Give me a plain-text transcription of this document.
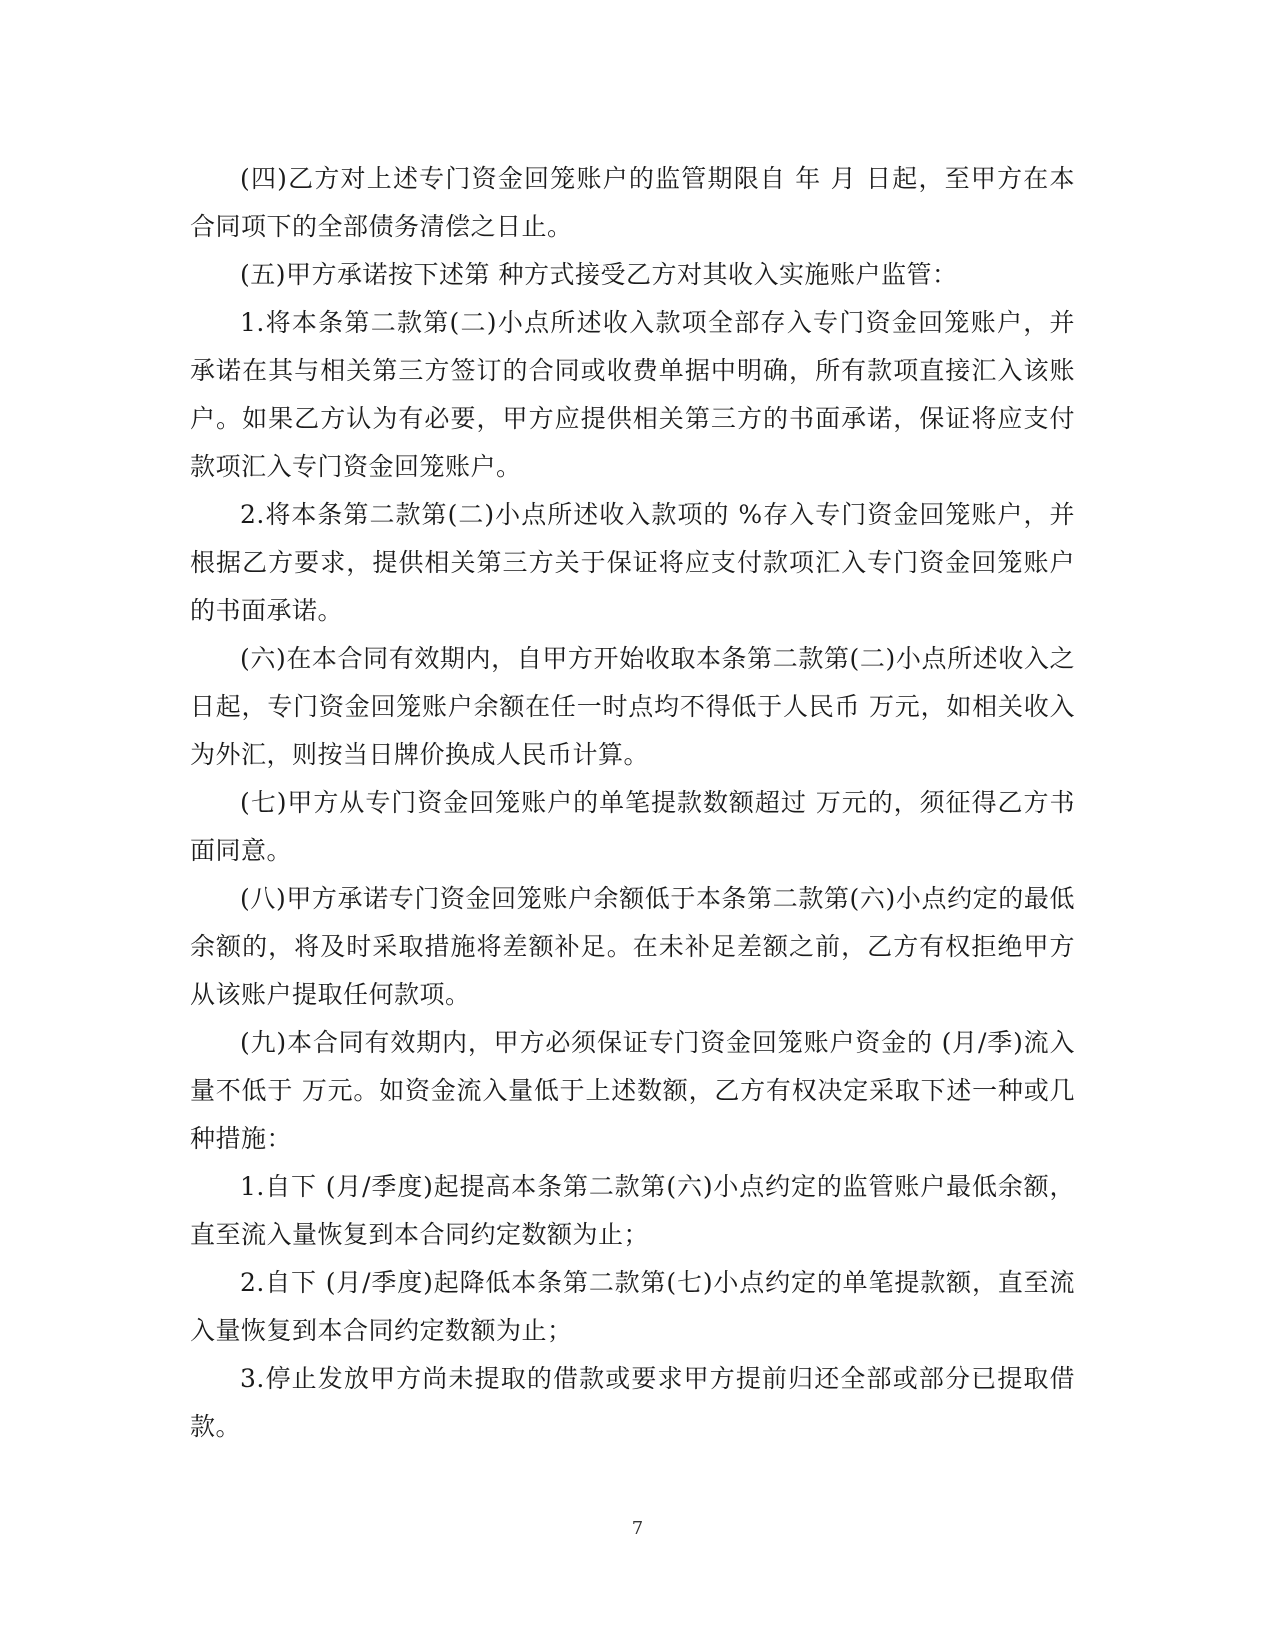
(四)乙方对上述专门资金回笼账户的监管期限自 年 月 日起，至甲方在本合同项下的全部债务清偿之日止。

(五)甲方承诺按下述第 种方式接受乙方对其收入实施账户监管：

1.将本条第二款第(二)小点所述收入款项全部存入专门资金回笼账户，并承诺在其与相关第三方签订的合同或收费单据中明确，所有款项直接汇入该账户。如果乙方认为有必要，甲方应提供相关第三方的书面承诺，保证将应支付款项汇入专门资金回笼账户。

2.将本条第二款第(二)小点所述收入款项的 %存入专门资金回笼账户，并根据乙方要求，提供相关第三方关于保证将应支付款项汇入专门资金回笼账户的书面承诺。

(六)在本合同有效期内，自甲方开始收取本条第二款第(二)小点所述收入之日起，专门资金回笼账户余额在任一时点均不得低于人民币 万元，如相关收入为外汇，则按当日牌价换成人民币计算。

(七)甲方从专门资金回笼账户的单笔提款数额超过 万元的，须征得乙方书面同意。

(八)甲方承诺专门资金回笼账户余额低于本条第二款第(六)小点约定的最低余额的，将及时采取措施将差额补足。在未补足差额之前，乙方有权拒绝甲方从该账户提取任何款项。

(九)本合同有效期内，甲方必须保证专门资金回笼账户资金的 (月/季)流入量不低于 万元。如资金流入量低于上述数额，乙方有权决定采取下述一种或几种措施：

1.自下 (月/季度)起提高本条第二款第(六)小点约定的监管账户最低余额，直至流入量恢复到本合同约定数额为止；

2.自下 (月/季度)起降低本条第二款第(七)小点约定的单笔提款额，直至流入量恢复到本合同约定数额为止；

3.停止发放甲方尚未提取的借款或要求甲方提前归还全部或部分已提取借款。

7
